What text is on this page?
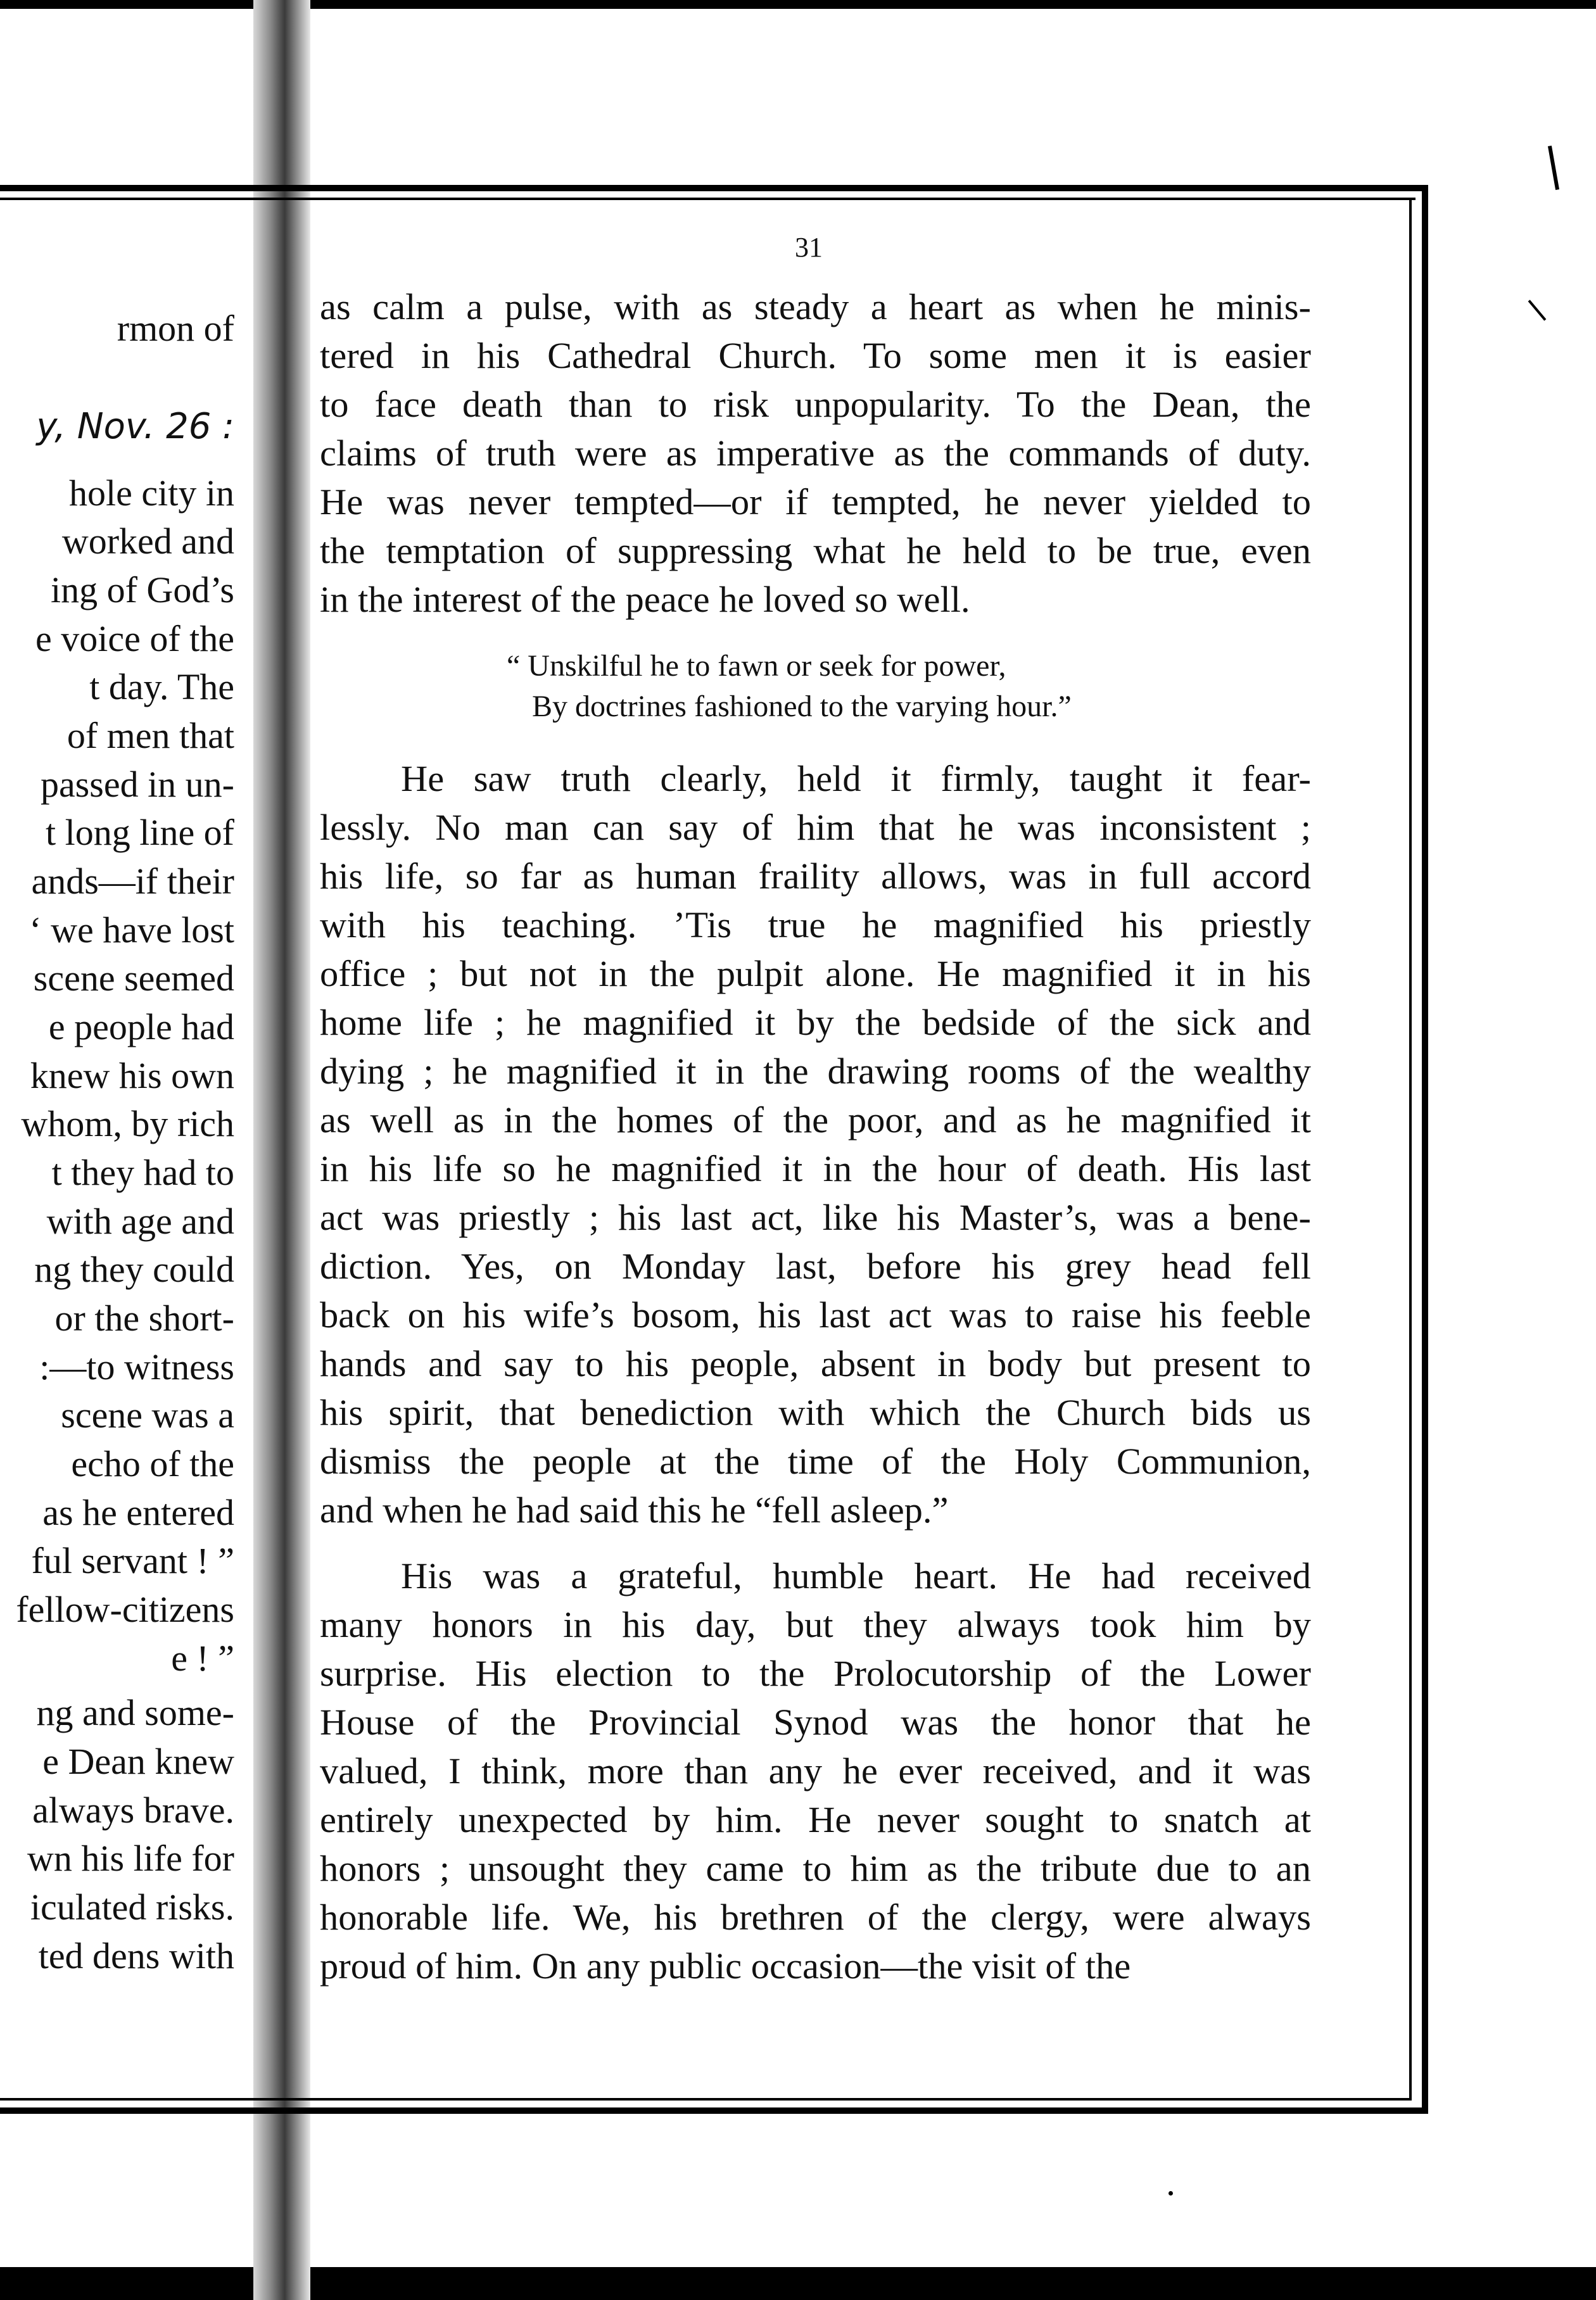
rmon of
y, Nov. 26 :
hole city in
worked and
ing of God’s
e voice of the
t day. The
of men that
passed in un-
t long line of
ands—if their
‘ we have lost
scene seemed
e people had
knew his own
whom, by rich
t they had to
with age and
ng they could
or the short-
:—to witness
scene was a
echo of the
as he entered
ful servant ! ”
fellow-citizens
e ! ”
ng and some-
e Dean knew
always brave.
wn his life for
iculated risks.
ted dens with
31
as calm a pulse, with as steady a heart as when he minis-
tered in his Cathedral Church. To some men it is easier
to face death than to risk unpopularity. To the Dean, the
claims of truth were as imperative as the commands of duty.
He was never tempted—or if tempted, he never yielded to
the temptation of suppressing what he held to be true, even
in the interest of the peace he loved so well.
“ Unskilful he to fawn or seek for power,
By doctrines fashioned to the varying hour.”
He saw truth clearly, held it firmly, taught it fear-
lessly. No man can say of him that he was inconsistent ;
his life, so far as human fraility allows, was in full accord
with his teaching. ’Tis true he magnified his priestly
office ; but not in the pulpit alone. He magnified it in his
home life ; he magnified it by the bedside of the sick and
dying ; he magnified it in the drawing rooms of the wealthy
as well as in the homes of the poor, and as he magnified it
in his life so he magnified it in the hour of death. His last
act was priestly ; his last act, like his Master’s, was a bene-
diction. Yes, on Monday last, before his grey head fell
back on his wife’s bosom, his last act was to raise his feeble
hands and say to his people, absent in body but present to
his spirit, that benediction with which the Church bids us
dismiss the people at the time of the Holy Communion,
and when he had said this he “fell asleep.”
His was a grateful, humble heart. He had received
many honors in his day, but they always took him by
surprise. His election to the Prolocutorship of the Lower
House of the Provincial Synod was the honor that he
valued, I think, more than any he ever received, and it was
entirely unexpected by him. He never sought to snatch at
honors ; unsought they came to him as the tribute due to an
honorable life. We, his brethren of the clergy, were always
proud of him. On any public occasion—the visit of the
